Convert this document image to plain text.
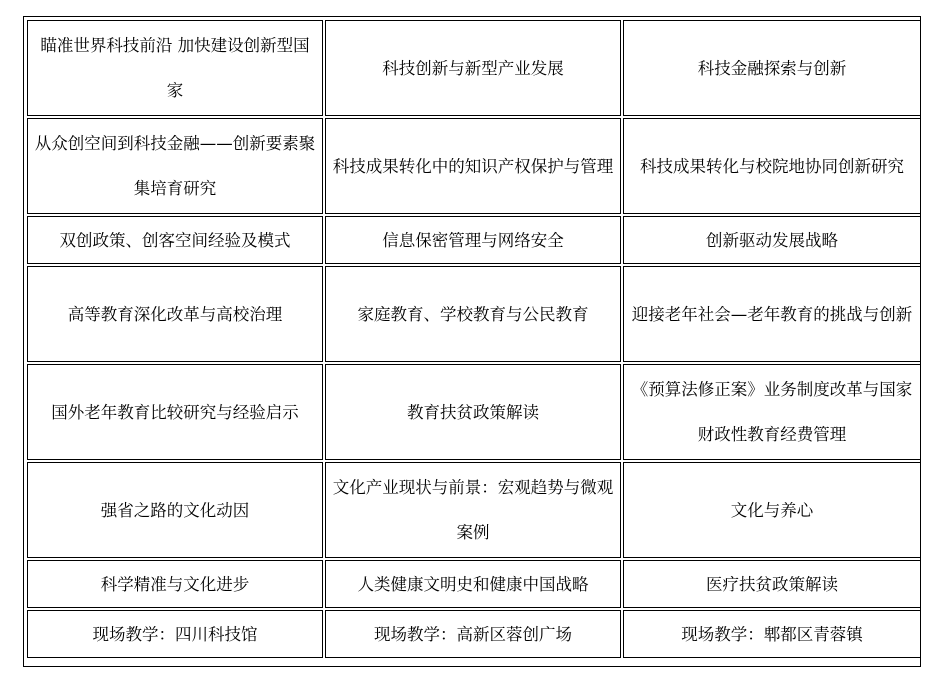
瞄准世界科技前沿 加快建设创新型国家	科技创新与新型产业发展	科技金融探索与创新

从众创空间到科技金融——创新要素聚集培育研究	科技成果转化中的知识产权保护与管理	科技成果转化与校院地协同创新研究

双创政策、创客空间经验及模式	信息保密管理与网络安全	创新驱动发展战略

高等教育深化改革与高校治理	家庭教育、学校教育与公民教育	迎接老年社会—老年教育的挑战与创新

国外老年教育比较研究与经验启示	教育扶贫政策解读	《预算法修正案》业务制度改革与国家财政性教育经费管理

强省之路的文化动因	文化产业现状与前景：宏观趋势与微观案例	文化与养心

科学精准与文化进步	人类健康文明史和健康中国战略	医疗扶贫政策解读

现场教学：四川科技馆	现场教学：高新区蓉创广场	现场教学：郫都区青蓉镇
